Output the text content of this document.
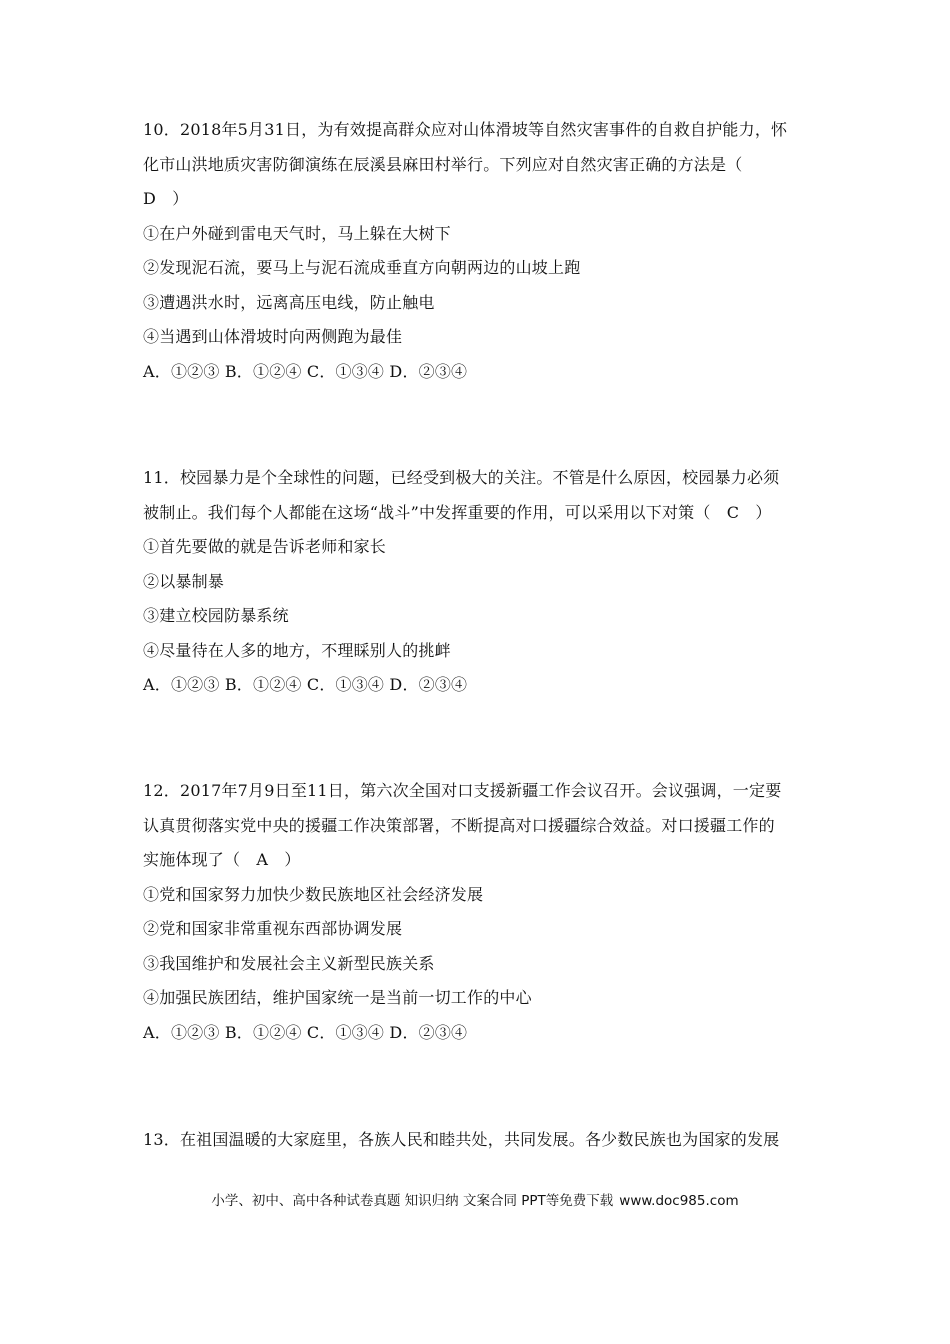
10．2018年5月31日，为有效提高群众应对山体滑坡等自然灾害事件的自救自护能力，怀
化市山洪地质灾害防御演练在辰溪县麻田村举行。下列应对自然灾害正确的方法是（
D　）
①在户外碰到雷电天气时，马上躲在大树下
②发现泥石流，要马上与泥石流成垂直方向朝两边的山坡上跑
③遭遇洪水时，远离高压电线，防止触电
④当遇到山体滑坡时向两侧跑为最佳
A．①②③ B．①②④ C．①③④ D．②③④
11．校园暴力是个全球性的问题，已经受到极大的关注。不管是什么原因，校园暴力必须
被制止。我们每个人都能在这场“战斗”中发挥重要的作用，可以采用以下对策（　C　）
①首先要做的就是告诉老师和家长
②以暴制暴
③建立校园防暴系统
④尽量待在人多的地方，不理睬别人的挑衅
A．①②③ B．①②④ C．①③④ D．②③④
12．2017年7月9日至11日，第六次全国对口支援新疆工作会议召开。会议强调，一定要
认真贯彻落实党中央的援疆工作决策部署，不断提高对口援疆综合效益。对口援疆工作的
实施体现了（　A　）
①党和国家努力加快少数民族地区社会经济发展
②党和国家非常重视东西部协调发展
③我国维护和发展社会主义新型民族关系
④加强民族团结，维护国家统一是当前一切工作的中心
A．①②③ B．①②④ C．①③④ D．②③④
13．在祖国温暖的大家庭里，各族人民和睦共处，共同发展。各少数民族也为国家的发展
小学、初中、高中各种试卷真题 知识归纳 文案合同 PPT等免费下载 www.doc985.com
